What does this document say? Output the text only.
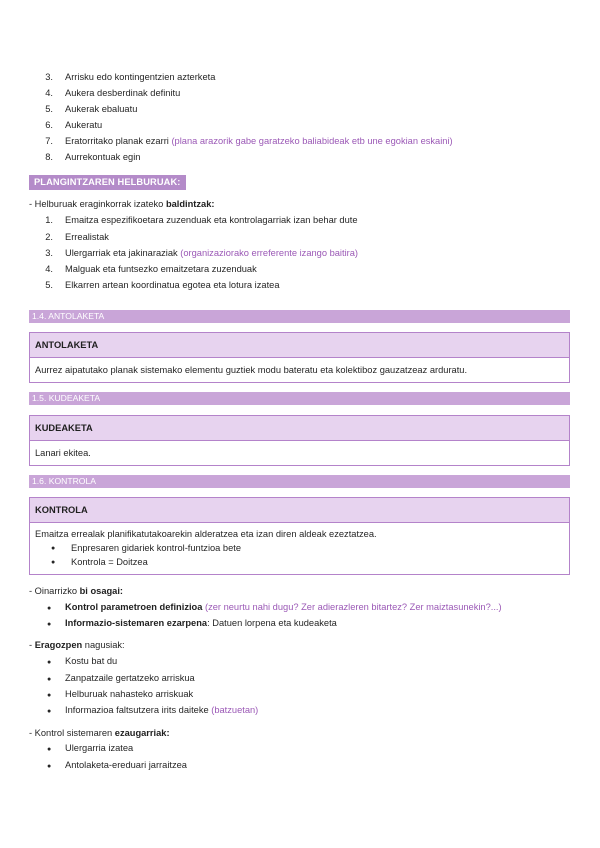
3. Arrisku edo kontingentzien azterketa
4. Aukera desberdinak definitu
5. Aukerak ebaluatu
6. Aukeratu
7. Eratorritako planak ezarri (plana arazorik gabe garatzeko baliabideak etb une egokian eskaini)
8. Aurrekontuak egin
PLANGINTZAREN HELBURUAK:
- Helburuak eraginkorrak izateko baldintzak:
1. Emaitza espezifikoetara zuzenduak eta kontrolagarriak izan behar dute
2. Errealistak
3. Ulergarriak eta jakinaraziak (organizaziorako erreferente izango baitira)
4. Malguak eta funtsezko emaitzetara zuzenduak
5. Elkarren artean koordinatua egotea eta lotura izatea
1.4. ANTOLAKETA
ANTOLAKETA
Aurrez aipatutako planak sistemako elementu guztiek modu bateratu eta kolektiboz gauzatzeaz arduratu.
1.5. KUDEAKETA
KUDEAKETA
Lanari ekitea.
1.6. KONTROLA
KONTROLA
Emaitza errealak planifikatutakoarekin alderatzea eta izan diren aldeak ezeztatzea.
● Enpresaren gidariek kontrol-funtzioa bete
● Kontrola = Doitzea
- Oinarrizko bi osagai:
● Kontrol parametroen definizioa (zer neurtu nahi dugu? Zer adierazleren bitartez? Zer maiztasunekin?...)
● Informazio-sistemaren ezarpena: Datuen lorpena eta kudeaketa
- Eragozpen nagusiak:
● Kostu bat du
● Zanpatzaile gertatzeko arriskua
● Helburuak nahasteko arriskuak
● Informazioa faltsutzera irits daiteke (batzuetan)
- Kontrol sistemaren ezaugarriak:
● Ulergarria izatea
● Antolaketa-ereduari jarraitzea
